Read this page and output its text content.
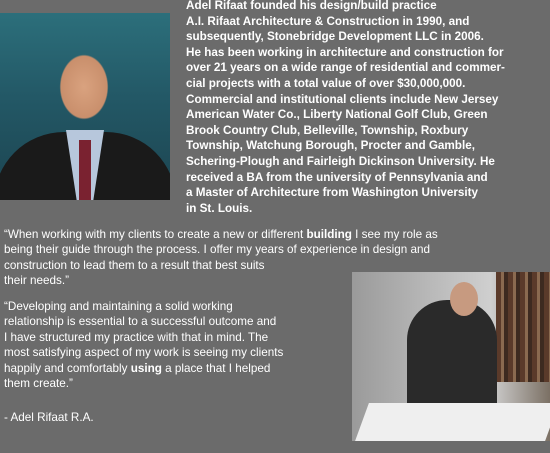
Adel Rifaat founded his design/build practice
A.I. Rifaat Architecture & Construction in 1990, and
subsequently, Stonebridge Development LLC in 2006.
He has been working in architecture and construction for
over 21 years on a wide range of residential and commer-
cial projects with a total value of over $30,000,000.
Commercial and institutional clients include New Jersey
American Water Co., Liberty National Golf Club, Green
Brook Country Club, Belleville, Township, Roxbury
Township, Watchung Borough, Procter and Gamble,
Schering-Plough and Fairleigh Dickinson University. He
received a BA from the university of Pennsylvania and
a Master of Architecture from Washington University
in St. Louis.
“When working with my clients to create a new or different building I see my role as
being their guide through the process. I offer my years of experience in design and
construction to lead them to a result that best suits
their needs.”
“Developing and maintaining a solid working
relationship is essential to a successful outcome and
I have structured my practice with that in mind. The
most satisfying aspect of my work is seeing my clients
happily and comfortably using a place that I helped
them create.”
- Adel Rifaat R.A.
